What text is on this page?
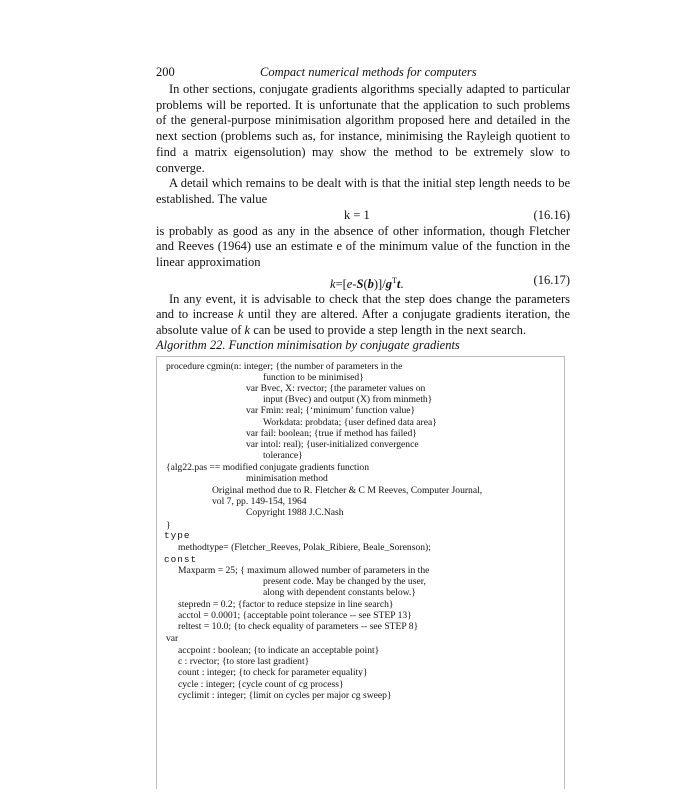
200	Compact numerical methods for computers

In other sections, conjugate gradients algorithms specially adapted to particular problems will be reported. It is unfortunate that the application to such problems of the general-purpose minimisation algorithm proposed here and detailed in the next section (problems such as, for instance, minimising the Rayleigh quotient to find a matrix eigensolution) may show the method to be extremely slow to converge.

A detail which remains to be dealt with is that the initial step length needs to be established. The value

k = 1	(16.16)

is probably as good as any in the absence of other information, though Fletcher and Reeves (1964) use an estimate e of the minimum value of the function in the linear approximation

$k=[e-S(b)]/g^Tt$.	(16.17)

In any event, it is advisable to check that the step does change the parameters and to increase k until they are altered. After a conjugate gradients iteration, the absolute value of k can be used to provide a step length in the next search.

Algorithm 22. Function minimisation by conjugate gradients
procedure cgmin(n: integer; {the number of parameters in the
function to be minimised}
var Bvec, X: rvector; {the parameter values on
input (Bvec) and output (X) from minmeth}
var Fmin: real; {‘minimum’ function value}
Workdata: probdata; {user defined data area}
var fail: boolean; {true if method has failed}
var intol: real); {user-initialized convergence
tolerance}
{alg22.pas == modified conjugate gradients function
minimisation method
Original method due to R. Fletcher & C M Reeves, Computer Journal,
vol 7, pp. 149-154, 1964
Copyright 1988 J.C.Nash
}
type
methodtype= (Fletcher_Reeves, Polak_Ribiere, Beale_Sorenson);
const
Maxparm = 25; { maximum allowed number of parameters in the
present code. May be changed by the user,
along with dependent constants below.}
stepredn = 0.2; {factor to reduce stepsize in line search}
acctol = 0.0001; {acceptable point tolerance -- see STEP 13}
reltest = 10.0; {to check equality of parameters -- see STEP 8}
var
accpoint : boolean; {to indicate an acceptable point}
c : rvector; {to store last gradient}
count : integer; {to check for parameter equality}
cycle : integer; {cycle count of cg process}
cyclimit : integer; {limit on cycles per major cg sweep}
